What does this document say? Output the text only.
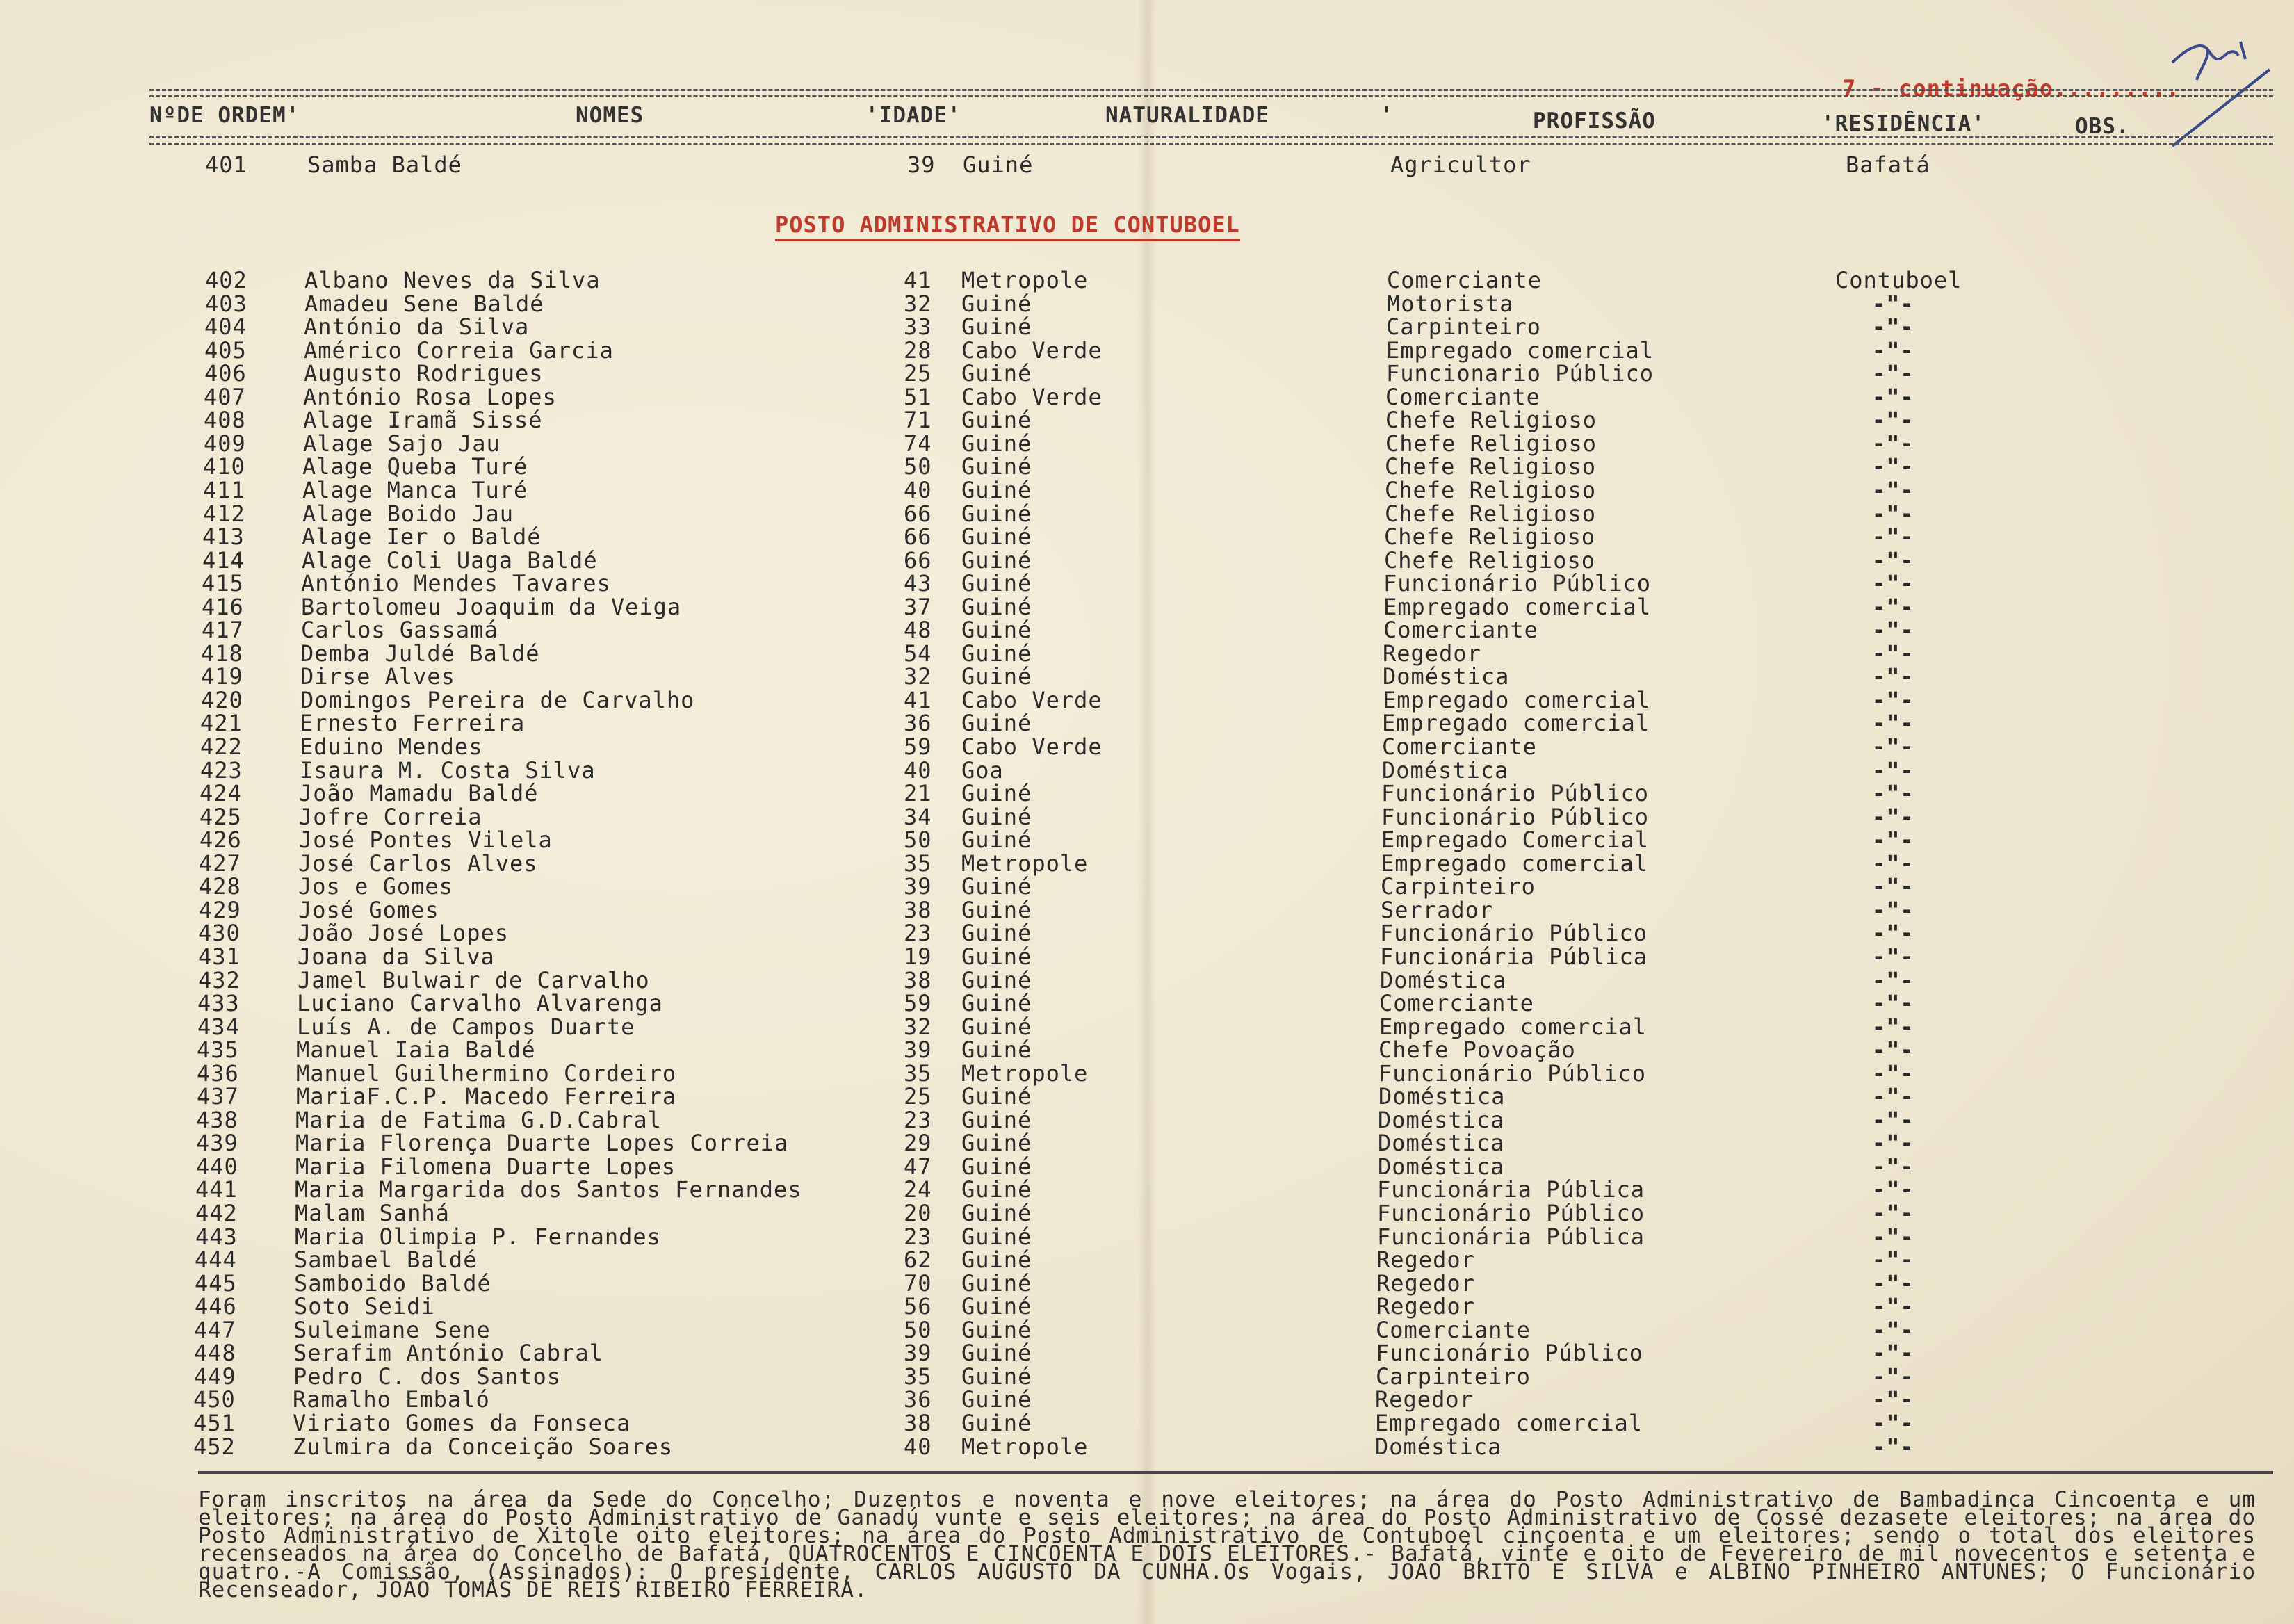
7 - continuação.........
NºDE ORDEM'	NOMES	'IDADE'	NATURALIDADE	'	PROFISSÃO	'RESIDÊNCIA'	OBS.
401	Samba Baldé	39 Guiné	Agricultor	Bafatá
POSTO ADMINISTRATIVO DE CONTUBOEL
402	Albano Neves da Silva	41 Metropole	Comerciante	Contuboel
403	Amadeu Sene Baldé	32 Guiné	Motorista	-"-
404	António da Silva	33 Guiné	Carpinteiro	-"-
405	Américo Correia Garcia	28 Cabo Verde	Empregado comercial	-"-
406	Augusto Rodrigues	25 Guiné	Funcionario Público	-"-
407	António Rosa Lopes	51 Cabo Verde	Comerciante	-"-
408	Alage Iramã Sissé	71 Guiné	Chefe Religioso	-"-
409	Alage Sajo Jau	74 Guiné	Chefe Religioso	-"-
410	Alage Queba Turé	50 Guiné	Chefe Religioso	-"-
411	Alage Manca Turé	40 Guiné	Chefe Religioso	-"-
412	Alage Boido Jau	66 Guiné	Chefe Religioso	-"-
413	Alage Ier o Baldé	66 Guiné	Chefe Religioso	-"-
414	Alage Coli Uaga Baldé	66 Guiné	Chefe Religioso	-"-
415	António Mendes Tavares	43 Guiné	Funcionário Público	-"-
416	Bartolomeu Joaquim da Veiga	37 Guiné	Empregado comercial	-"-
417	Carlos Gassamá	48 Guiné	Comerciante	-"-
418	Demba Juldé Baldé	54 Guiné	Regedor	-"-
419	Dirse Alves	32 Guiné	Doméstica	-"-
420	Domingos Pereira de Carvalho	41 Cabo Verde	Empregado comercial	-"-
421	Ernesto Ferreira	36 Guiné	Empregado comercial	-"-
422	Eduino Mendes	59 Cabo Verde	Comerciante	-"-
423	Isaura M. Costa Silva	40 Goa	Doméstica	-"-
424	João Mamadu Baldé	21 Guiné	Funcionário Público	-"-
425	Jofre Correia	34 Guiné	Funcionário Público	-"-
426	José Pontes Vilela	50 Guiné	Empregado Comercial	-"-
427	José Carlos Alves	35 Metropole	Empregado comercial	-"-
428	Jos e Gomes	39 Guiné	Carpinteiro	-"-
429	José Gomes	38 Guiné	Serrador	-"-
430	João José Lopes	23 Guiné	Funcionário Público	-"-
431	Joana da Silva	19 Guiné	Funcionária Pública	-"-
432	Jamel Bulwair de Carvalho	38 Guiné	Doméstica	-"-
433	Luciano Carvalho Alvarenga	59 Guiné	Comerciante	-"-
434	Luís A. de Campos Duarte	32 Guiné	Empregado comercial	-"-
435	Manuel Iaia Baldé	39 Guiné	Chefe Povoação	-"-
436	Manuel Guilhermino Cordeiro	35 Metropole	Funcionário Público	-"-
437	MariaF.C.P. Macedo Ferreira	25 Guiné	Doméstica	-"-
438	Maria de Fatima G.D.Cabral	23 Guiné	Doméstica	-"-
439	Maria Florença Duarte Lopes Correia	29 Guiné	Doméstica	-"-
440	Maria Filomena Duarte Lopes	47 Guiné	Doméstica	-"-
441	Maria Margarida dos Santos Fernandes	24 Guiné	Funcionária Pública	-"-
442	Malam Sanhá	20 Guiné	Funcionário Público	-"-
443	Maria Olimpia P. Fernandes	23 Guiné	Funcionária Pública	-"-
444	Sambael Baldé	62 Guiné	Regedor	-"-
445	Samboido Baldé	70 Guiné	Regedor	-"-
446	Soto Seidi	56 Guiné	Regedor	-"-
447	Suleimane Sene	50 Guiné	Comerciante	-"-
448	Serafim António Cabral	39 Guiné	Funcionário Público	-"-
449	Pedro C. dos Santos	35 Guiné	Carpinteiro	-"-
450	Ramalho Embaló	36 Guiné	Regedor	-"-
451	Viriato Gomes da Fonseca	38 Guiné	Empregado comercial	-"-
452	Zulmira da Conceição Soares	40 Metropole	Doméstica	-"-
Foram inscritos na área da Sede do Concelho; Duzentos e noventa e nove eleitores; na área do Posto Administrativo de Bambadinca Cincoenta e um eleitores; na área do Posto Administrativo de Ganadú vunte e seis eleitores; na área do Posto Administrativo de Cossé dezasete eleitores; na área do Posto Administrativo de Xitole oito eleitores; na área do Posto Administrativo de Contuboel cinçoenta e um eleitores; sendo o total dos eleitores recenseados na área do Concelho de Bafatá, QUATROCENTOS E CINCOENTA E DOIS ELEITORES.- Bafatá, vinte e oito de Fevereiro de mil novecentos e setenta e quatro.-A Comissão, (Assinados): O presidente, CARLOS AUGUSTO DA CUNHA.Os Vogais, JOÃO BRITO E SILVA e ALBINO PINHEIRO ANTUNES; O Funcionário Recenseador, JOÃO TOMÁS DE REIS RIBEIRO FERREIRA.
